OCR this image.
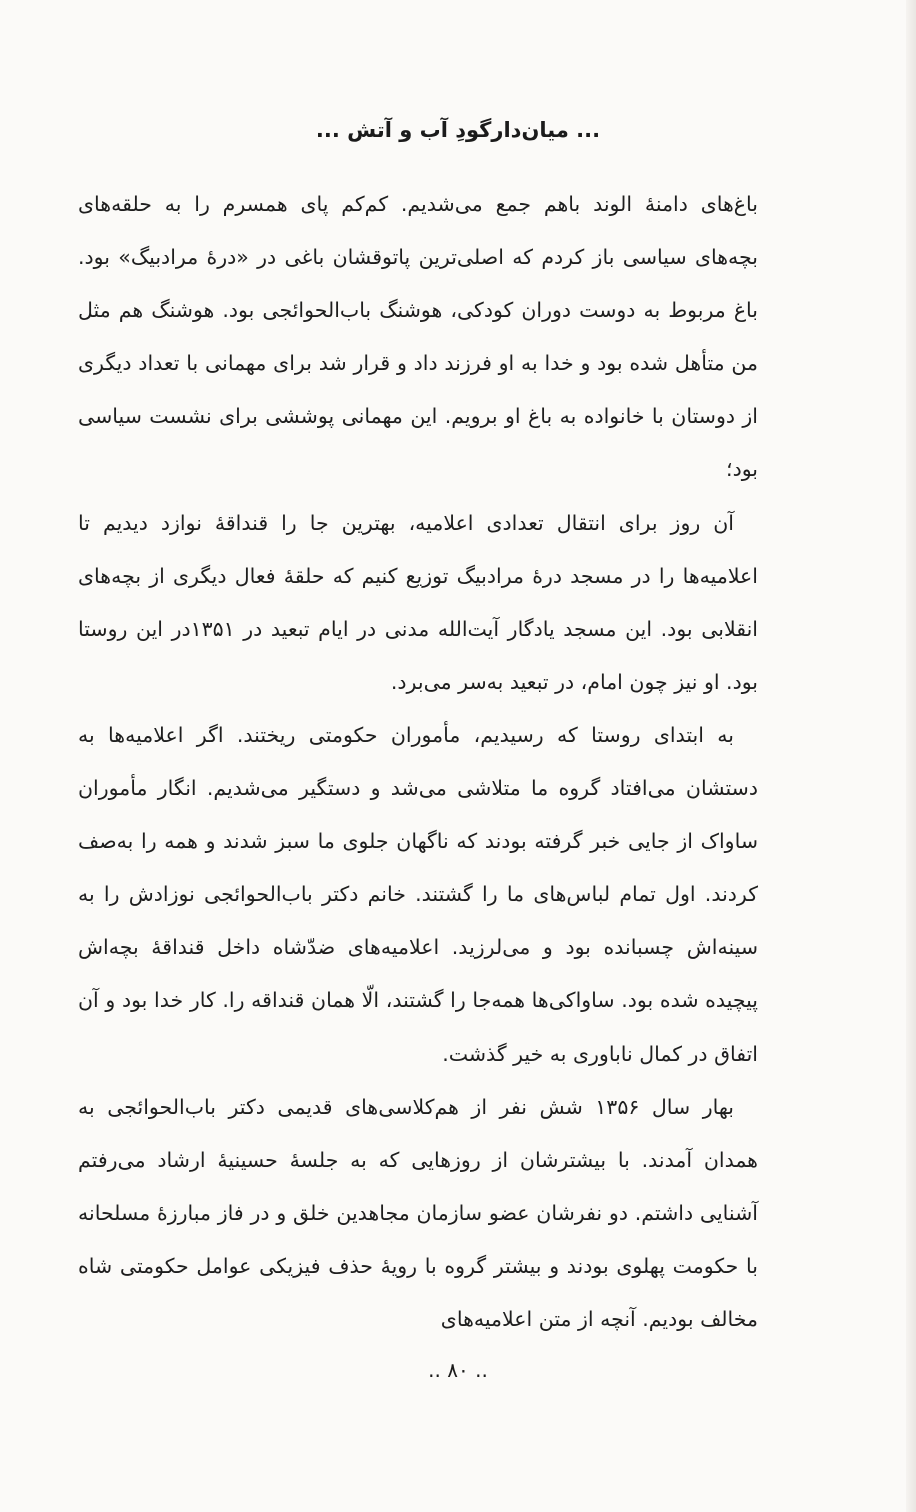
... میان‌دارگودِ آب و آتش ...

باغ‌های دامنۀ الوند باهم جمع می‌شدیم. کم‌کم پای همسرم را به حلقه‌های بچه‌های سیاسی باز کردم که اصلی‌ترین پاتوقشان باغی در «درۀ مرادبیگ» بود. باغ مربوط به دوست دوران کودکی، هوشنگ باب‌الحوائجی بود. هوشنگ هم مثل من متأهل شده بود و خدا به او فرزند داد و قرار شد برای مهمانی با تعداد دیگری از دوستان با خانواده به باغ او برویم. این مهمانی پوششی برای نشست سیاسی بود؛

آن روز برای انتقال تعدادی اعلامیه، بهترین جا را قنداقۀ نوازد دیدیم تا اعلامیه‌ها را در مسجد درۀ مرادبیگ توزیع کنیم که حلقۀ فعال دیگری از بچه‌های انقلابی بود. این مسجد یادگار آیت‌الله مدنی در ایام تبعید در ۱۳۵۱در این روستا بود. او نیز چون امام، در تبعید به‌سر می‌برد.

به ابتدای روستا که رسیدیم، مأموران حکومتی ریختند. اگر اعلامیه‌ها به دستشان می‌افتاد گروه ما متلاشی می‌شد و دستگیر می‌شدیم. انگار مأموران ساواک از جایی خبر گرفته بودند که ناگهان جلوی ما سبز شدند و همه را به‌صف کردند. اول تمام لباس‌های ما را گشتند. خانم دکتر باب‌الحوائجی نوزادش را به سینه‌اش چسبانده بود و می‌لرزید. اعلامیه‌های ضدّشاه داخل قنداقۀ بچه‌اش پیچیده شده بود. ساواکی‌ها همه‌جا را گشتند، الّا همان قنداقه را. کار خدا بود و آن اتفاق در کمال ناباوری به خیر گذشت.

بهار سال ۱۳۵۶ شش نفر از هم‌کلاسی‌های قدیمی دکتر باب‌الحوائجی به همدان آمدند. با بیشترشان از روزهایی که به جلسۀ حسینیۀ ارشاد می‌رفتم آشنایی داشتم. دو نفرشان عضو سازمان مجاهدین خلق و در فاز مبارزۀ مسلحانه با حکومت پهلوی بودند و بیشتر گروه با رویۀ حذف فیزیکی عوامل حکومتی شاه مخالف بودیم. آنچه از متن اعلامیه‌های

.. ۸۰ ..
